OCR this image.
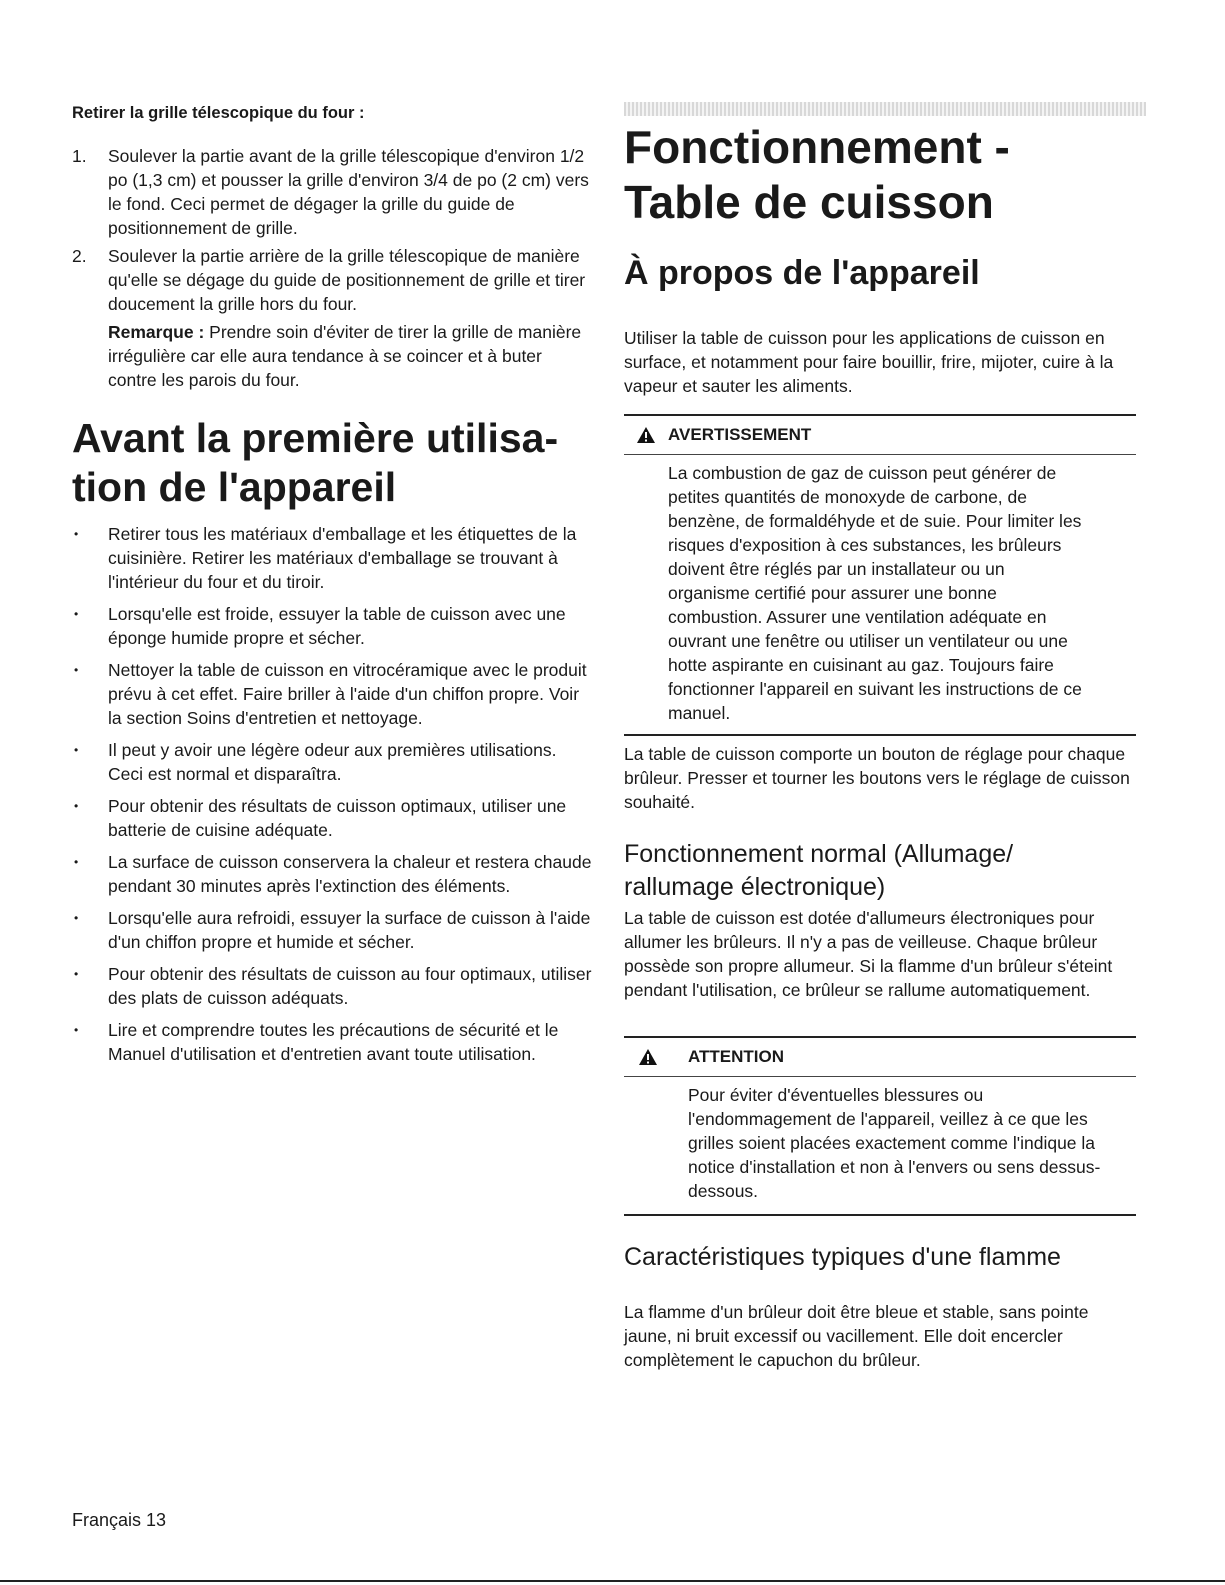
Retirer la grille télescopique du four :

1. Soulever la partie avant de la grille télescopique d'environ 1/2 po (1,3 cm) et pousser la grille d'environ 3/4 de po (2 cm) vers le fond. Ceci permet de dégager la grille du guide de positionnement de grille.
2. Soulever la partie arrière de la grille télescopique de manière qu'elle se dégage du guide de positionnement de grille et tirer doucement la grille hors du four.

Remarque : Prendre soin d'éviter de tirer la grille de manière irrégulière car elle aura tendance à se coincer et à buter contre les parois du four.

Avant la première utilisa-
tion de l'appareil
• Retirer tous les matériaux d'emballage et les étiquettes de la cuisinière. Retirer les matériaux d'emballage se trouvant à l'intérieur du four et du tiroir.
• Lorsqu'elle est froide, essuyer la table de cuisson avec une éponge humide propre et sécher.
• Nettoyer la table de cuisson en vitrocéramique avec le produit prévu à cet effet. Faire briller à l'aide d'un chiffon propre. Voir la section Soins d'entretien et nettoyage.
• Il peut y avoir une légère odeur aux premières utilisations. Ceci est normal et disparaîtra.
• Pour obtenir des résultats de cuisson optimaux, utiliser une batterie de cuisine adéquate.
• La surface de cuisson conservera la chaleur et restera chaude pendant 30 minutes après l'extinction des éléments.
• Lorsqu'elle aura refroidi, essuyer la surface de cuisson à l'aide d'un chiffon propre et humide et sécher.
• Pour obtenir des résultats de cuisson au four optimaux, utiliser des plats de cuisson adéquats.
• Lire et comprendre toutes les précautions de sécurité et le Manuel d'utilisation et d'entretien avant toute utilisation.
Fonctionnement -
Table de cuisson
À propos de l'appareil

Utiliser la table de cuisson pour les applications de cuisson en surface, et notamment pour faire bouillir, frire, mijoter, cuire à la vapeur et sauter les aliments.

AVERTISSEMENT

La combustion de gaz de cuisson peut générer de petites quantités de monoxyde de carbone, de benzène, de formaldéhyde et de suie. Pour limiter les risques d'exposition à ces substances, les brûleurs doivent être réglés par un installateur ou un organisme certifié pour assurer une bonne combustion. Assurer une ventilation adéquate en ouvrant une fenêtre ou utiliser un ventilateur ou une hotte aspirante en cuisinant au gaz. Toujours faire fonctionner l'appareil en suivant les instructions de ce manuel.

La table de cuisson comporte un bouton de réglage pour chaque brûleur. Presser et tourner les boutons vers le réglage de cuisson souhaité.

Fonctionnement normal (Allumage/
rallumage électronique)

La table de cuisson est dotée d'allumeurs électroniques pour allumer les brûleurs. Il n'y a pas de veilleuse. Chaque brûleur possède son propre allumeur. Si la flamme d'un brûleur s'éteint pendant l'utilisation, ce brûleur se rallume automatiquement.

ATTENTION

Pour éviter d'éventuelles blessures ou l'endommagement de l'appareil, veillez à ce que les grilles soient placées exactement comme l'indique la notice d'installation et non à l'envers ou sens dessus-dessous.

Caractéristiques typiques d'une flamme

La flamme d'un brûleur doit être bleue et stable, sans pointe jaune, ni bruit excessif ou vacillement. Elle doit encercler complètement le capuchon du brûleur.

Français 13
